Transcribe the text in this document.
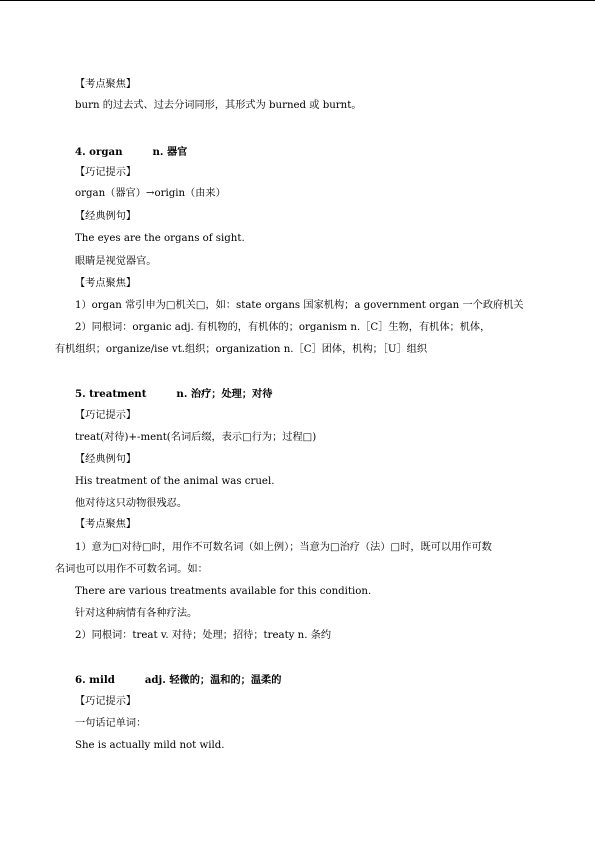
【考点聚焦】
burn 的过去式、过去分词同形，其形式为 burned 或 burnt。
4. organ	n. 器官
【巧记提示】
organ（器官）→origin（由来）
【经典例句】
The eyes are the organs of sight.
眼睛是视觉器官。
【考点聚焦】
1）organ 常引申为□机关□，如：state organs 国家机构；a government organ 一个政府机关
2）同根词：organic adj. 有机物的，有机体的；organism n.［C］生物，有机体；机体，
有机组织；organize/ise vt.组织；organization n.［C］团体，机构；［U］组织
5. treatment	n. 治疗；处理；对待
【巧记提示】
treat(对待)+-ment(名词后缀，表示□行为；过程□)
【经典例句】
His treatment of the animal was cruel.
他对待这只动物很残忍。
【考点聚焦】
1）意为□对待□时，用作不可数名词（如上例）；当意为□治疗（法）□时，既可以用作可数
名词也可以用作不可数名词。如：
There are various treatments available for this condition.
针对这种病情有各种疗法。
2）同根词：treat v. 对待；处理；招待；treaty n. 条约
6. mild	adj. 轻微的；温和的；温柔的
【巧记提示】
一句话记单词：
She is actually mild not wild.
